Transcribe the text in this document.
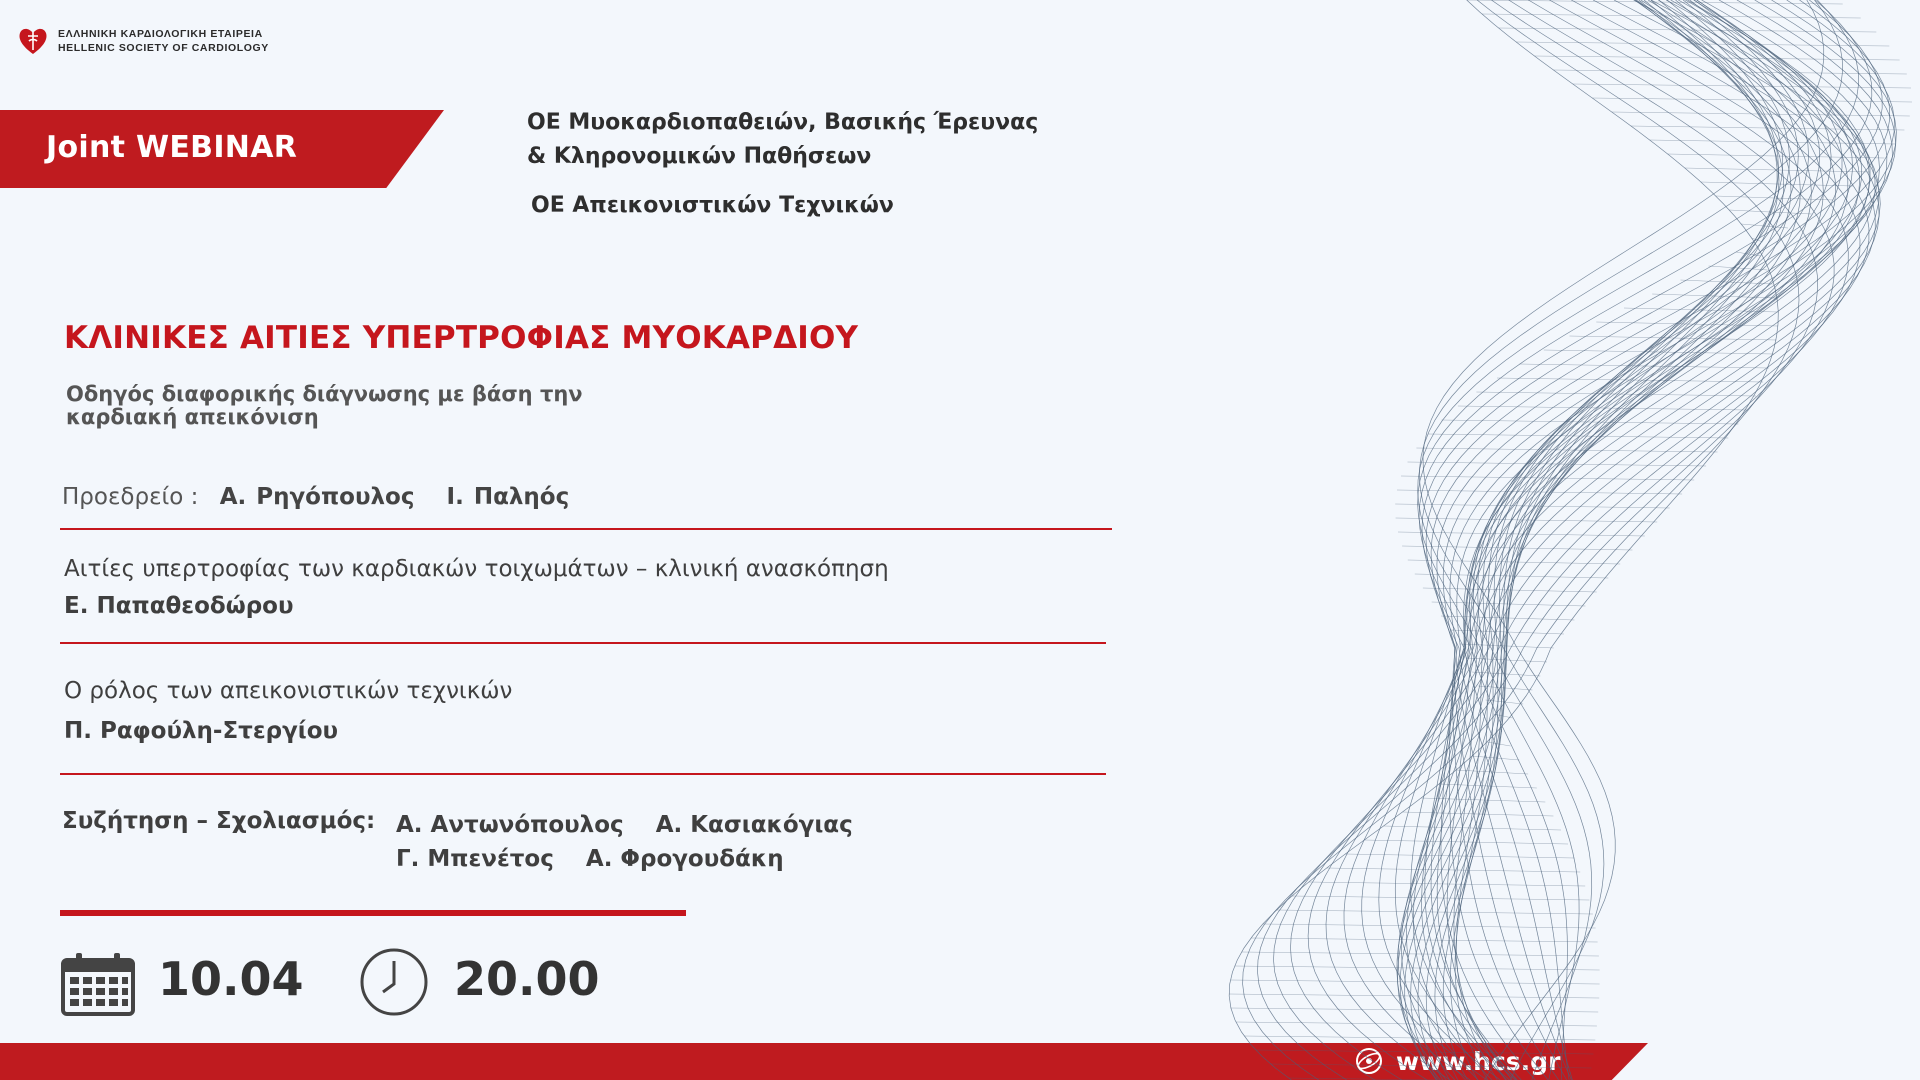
ΕΛΛΗΝΙΚΗ ΚΑΡΔΙΟΛΟΓΙΚΗ ΕΤΑΙΡΕΙΑ
HELLENIC SOCIETY OF CARDIOLOGY
Joint WEBINAR
ΟΕ Μυοκαρδιοπαθειών, Βασικής Έρευνας
& Κληρονομικών Παθήσεων
ΟΕ Απεικονιστικών Τεχνικών
ΚΛΙΝΙΚΕΣ ΑΙΤΙΕΣ ΥΠΕΡΤΡΟΦΙΑΣ ΜΥΟΚΑΡΔΙΟΥ
Οδηγός διαφορικής διάγνωσης με βάση την
καρδιακή απεικόνιση
Προεδρείο : Α. Ρηγόπουλος Ι. Παληός
Αιτίες υπερτροφίας των καρδιακών τοιχωμάτων – κλινική ανασκόπηση
Ε. Παπαθεοδώρου
Ο ρόλος των απεικονιστικών τεχνικών
Π. Ραφούλη-Στεργίου
Συζήτηση – Σχολιασμός: Α. Αντωνόπουλος Α. Κασιακόγιας
Γ. Μπενέτος Α. Φρογουδάκη
10.04	20.00
www.hcs.gr
